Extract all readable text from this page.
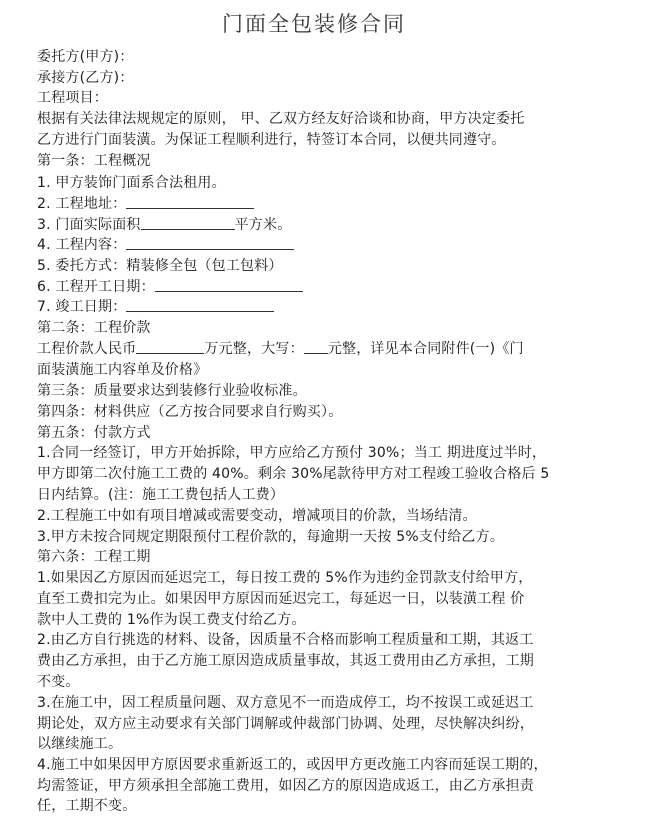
门面全包装修合同
委托方(甲方)：
承接方(乙方)：
工程项目：
根据有关法律法规规定的原则， 甲、乙双方经友好洽谈和协商，甲方决定委托
乙方进行门面装潢。为保证工程顺利进行，特签订本合同，以便共同遵守。
第一条：工程概况
1. 甲方装饰门面系合法租用。
2. 工程地址：
3. 门面实际面积	平方米。
4. 工程内容：
5. 委托方式：精装修全包（包工包料）
6. 工程开工日期：
7. 竣工日期：
第二条：工程价款
工程价款人民币	万元整，大写： 元整，详见本合同附件(一)《门
面装潢施工内容单及价格》
第三条：质量要求达到装修行业验收标准。
第四条：材料供应（乙方按合同要求自行购买）。
第五条：付款方式
1.合同一经签订，甲方开始拆除，甲方应给乙方预付 30%；当工 期进度过半时，
甲方即第二次付施工工费的 40%。剩余 30%尾款待甲方对工程竣工验收合格后 5
日内结算。(注：施工工费包括人工费）
2.工程施工中如有项目增减或需要变动，增减项目的价款，当场结清。
3.甲方未按合同规定期限预付工程价款的，每逾期一天按 5%支付给乙方。
第六条：工程工期
1.如果因乙方原因而延迟完工，每日按工费的 5%作为违约金罚款支付给甲方，
直至工费扣完为止。如果因甲方原因而延迟完工，每延迟一日，以装潢工程 价
款中人工费的 1%作为误工费支付给乙方。
2.由乙方自行挑选的材料、设备，因质量不合格而影响工程质量和工期，其返工
费由乙方承担，由于乙方施工原因造成质量事故，其返工费用由乙方承担，工期
不变。
3.在施工中，因工程质量问题、双方意见不一而造成停工，均不按误工或延迟工
期论处，双方应主动要求有关部门调解或仲裁部门协调、处理，尽快解决纠纷，
以继续施工。
4.施工中如果因甲方原因要求重新返工的，或因甲方更改施工内容而延误工期的，
均需签证，甲方须承担全部施工费用，如因乙方的原因造成返工，由乙方承担责
任，工期不变。
